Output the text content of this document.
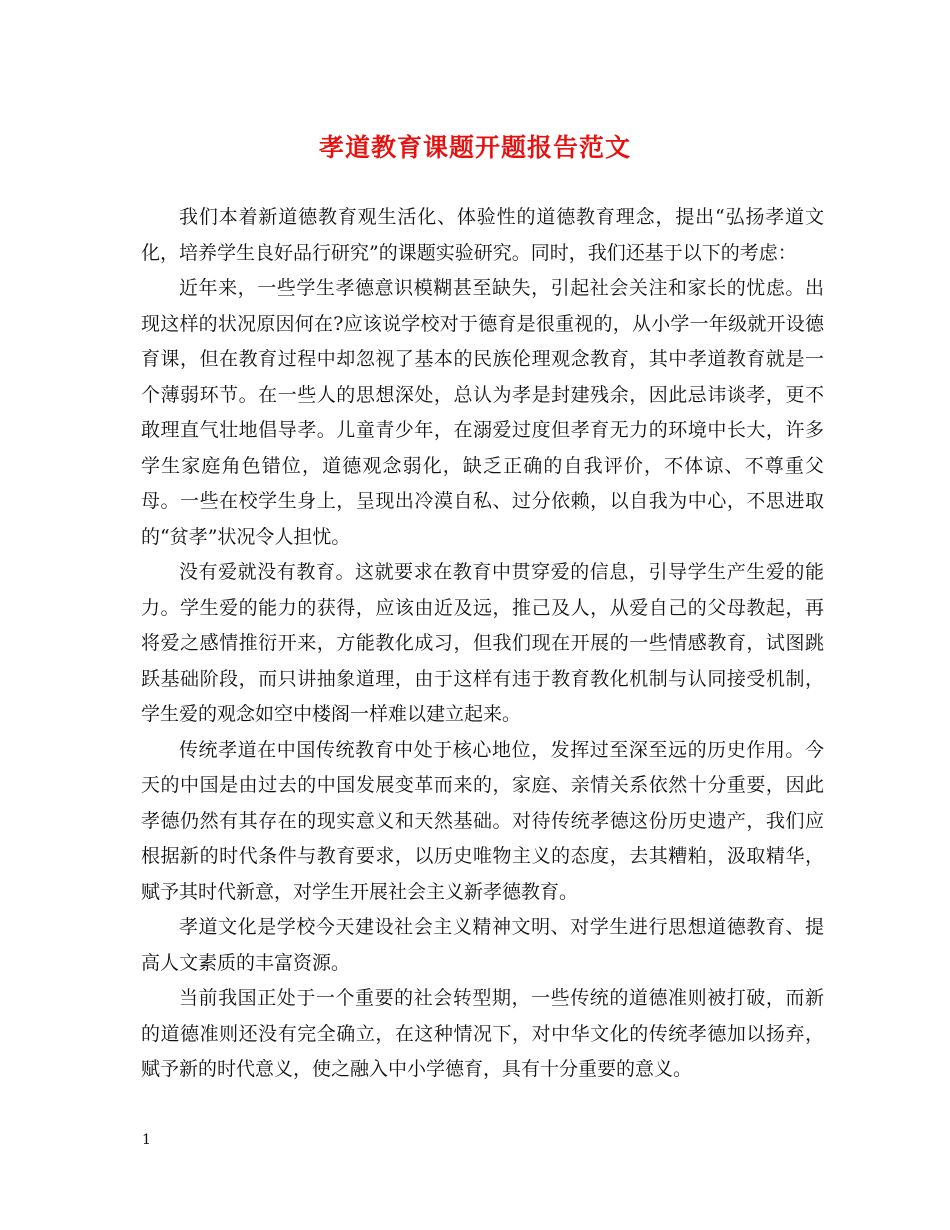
孝道教育课题开题报告范文

我们本着新道德教育观生活化、体验性的道德教育理念，提出“弘扬孝道文化，培养学生良好品行研究”的课题实验研究。同时，我们还基于以下的考虑：

近年来，一些学生孝德意识模糊甚至缺失，引起社会关注和家长的忧虑。出现这样的状况原因何在?应该说学校对于德育是很重视的，从小学一年级就开设德育课，但在教育过程中却忽视了基本的民族伦理观念教育，其中孝道教育就是一个薄弱环节。在一些人的思想深处，总认为孝是封建残余，因此忌讳谈孝，更不敢理直气壮地倡导孝。儿童青少年，在溺爱过度但孝育无力的环境中长大，许多学生家庭角色错位，道德观念弱化，缺乏正确的自我评价，不体谅、不尊重父母。一些在校学生身上，呈现出冷漠自私、过分依赖，以自我为中心，不思进取的“贫孝”状况令人担忧。

没有爱就没有教育。这就要求在教育中贯穿爱的信息，引导学生产生爱的能力。学生爱的能力的获得，应该由近及远，推己及人，从爱自己的父母教起，再将爱之感情推衍开来，方能教化成习，但我们现在开展的一些情感教育，试图跳跃基础阶段，而只讲抽象道理，由于这样有违于教育教化机制与认同接受机制，学生爱的观念如空中楼阁一样难以建立起来。

传统孝道在中国传统教育中处于核心地位，发挥过至深至远的历史作用。今天的中国是由过去的中国发展变革而来的，家庭、亲情关系依然十分重要，因此孝德仍然有其存在的现实意义和天然基础。对待传统孝德这份历史遗产，我们应根据新的时代条件与教育要求，以历史唯物主义的态度，去其糟粕，汲取精华，赋予其时代新意，对学生开展社会主义新孝德教育。

孝道文化是学校今天建设社会主义精神文明、对学生进行思想道德教育、提高人文素质的丰富资源。

当前我国正处于一个重要的社会转型期，一些传统的道德准则被打破，而新的道德准则还没有完全确立，在这种情况下，对中华文化的传统孝德加以扬弃，赋予新的时代意义，使之融入中小学德育，具有十分重要的意义。

1
